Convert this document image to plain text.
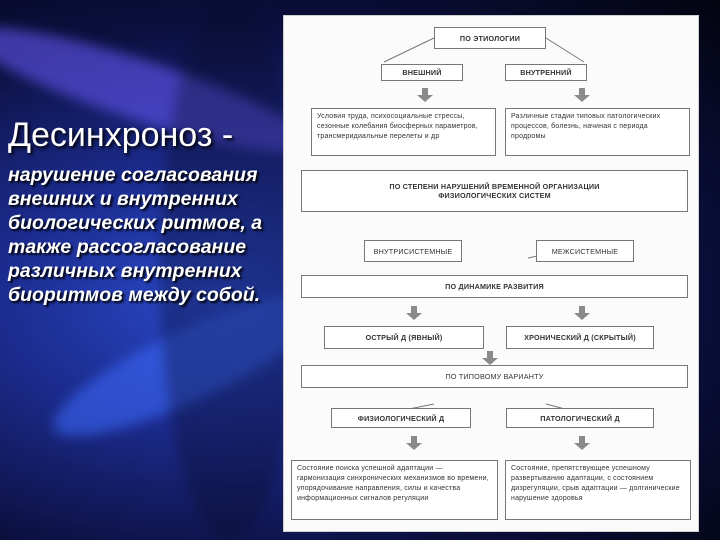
Десинхроноз -
нарушение согласования внешних и внутренних биологических ритмов, а также рассогласование различных внутренних биоритмов между собой.
ПО ЭТИОЛОГИИ
ВНЕШНИЙ	ВНУТРЕННИЙ
Условия труда, психосоциальные стрессы, сезонные колебания биосферных параметров, трансмеридиальные перелеты и др
Различные стадии типовых патологических процессов, болезнь, начиная с периода продромы
ПО СТЕПЕНИ НАРУШЕНИЙ ВРЕМЕННОЙ ОРГАНИЗАЦИИ ФИЗИОЛОГИЧЕСКИХ СИСТЕМ
ВНУТРИСИСТЕМНЫЕ	МЕЖСИСТЕМНЫЕ
ПО ДИНАМИКЕ РАЗВИТИЯ
ОСТРЫЙ Д (ЯВНЫЙ)	ХРОНИЧЕСКИЙ Д (СКРЫТЫЙ)
ПО ТИПОВОМУ ВАРИАНТУ
ФИЗИОЛОГИЧЕСКИЙ Д	ПАТОЛОГИЧЕСКИЙ Д
Состояние поиска успешной адаптации — гармонизация синхронических механизмов во времени, упорядочивание направления, силы и качества информационных сигналов регуляции
Состояние, препятствующее успешному развертыванию адаптации, с состоянием дизрегуляции, срыв адаптации — долгинические нарушение здоровья
